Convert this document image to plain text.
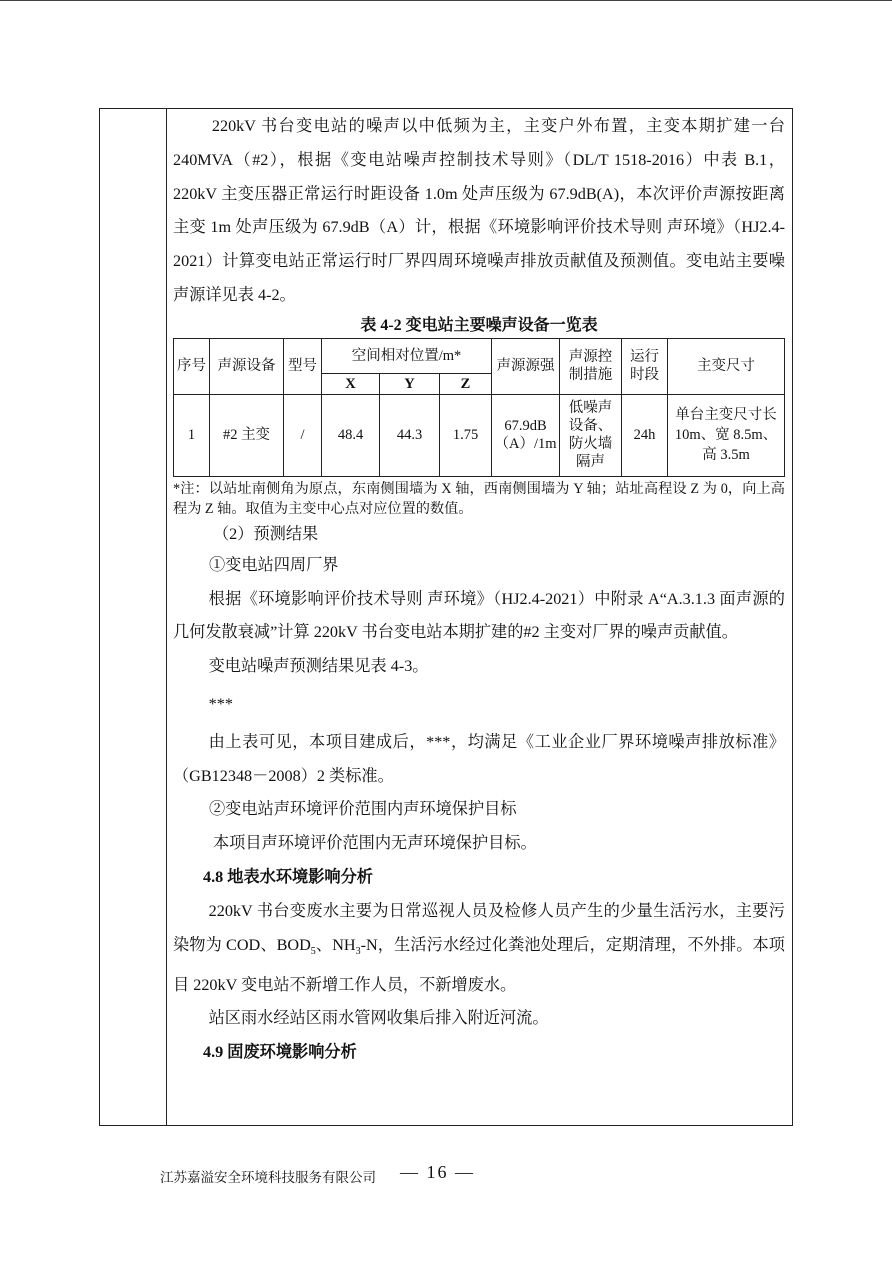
220kV 书台变电站的噪声以中低频为主，主变户外布置，主变本期扩建一台 240MVA（#2），根据《变电站噪声控制技术导则》（DL/T 1518-2016）中表 B.1，220kV 主变压器正常运行时距设备 1.0m 处声压级为 67.9dB(A)，本次评价声源按距离主变 1m 处声压级为 67.9dB（A）计，根据《环境影响评价技术导则 声环境》（HJ2.4-2021）计算变电站正常运行时厂界四周环境噪声排放贡献值及预测值。变电站主要噪声源详见表 4-2。

表 4-2 变电站主要噪声设备一览表
序号	声源设备	型号	空间相对位置/m*			声源源强	声源控制措施	运行时段	主变尺寸
			X	Y	Z				
1	#2 主变	/	48.4	44.3	1.75	67.9dB（A）/1m	低噪声设备、防火墙隔声	24h	单台主变尺寸长 10m、宽 8.5m、高 3.5m
*注：以站址南侧角为原点，东南侧围墙为 X 轴，西南侧围墙为 Y 轴；站址高程设 Z 为 0，向上高程为 Z 轴。取值为主变中心点对应位置的数值。

（2）预测结果

①变电站四周厂界

根据《环境影响评价技术导则 声环境》（HJ2.4-2021）中附录 A“A.3.1.3 面声源的几何发散衰减”计算 220kV 书台变电站本期扩建的#2 主变对厂界的噪声贡献值。

变电站噪声预测结果见表 4-3。

***

由上表可见，本项目建成后，***，均满足《工业企业厂界环境噪声排放标准》（GB12348－2008）2 类标准。

②变电站声环境评价范围内声环境保护目标

本项目声环境评价范围内无声环境保护目标。

4.8 地表水环境影响分析

220kV 书台变废水主要为日常巡视人员及检修人员产生的少量生活污水，主要污染物为 COD、$BOD_5$、$NH_3-N$，生活污水经过化粪池处理后，定期清理，不外排。本项目 220kV 变电站不新增工作人员，不新增废水。

站区雨水经站区雨水管网收集后排入附近河流。

4.9 固废环境影响分析
江苏嘉溢安全环境科技服务有限公司 — 16 —
